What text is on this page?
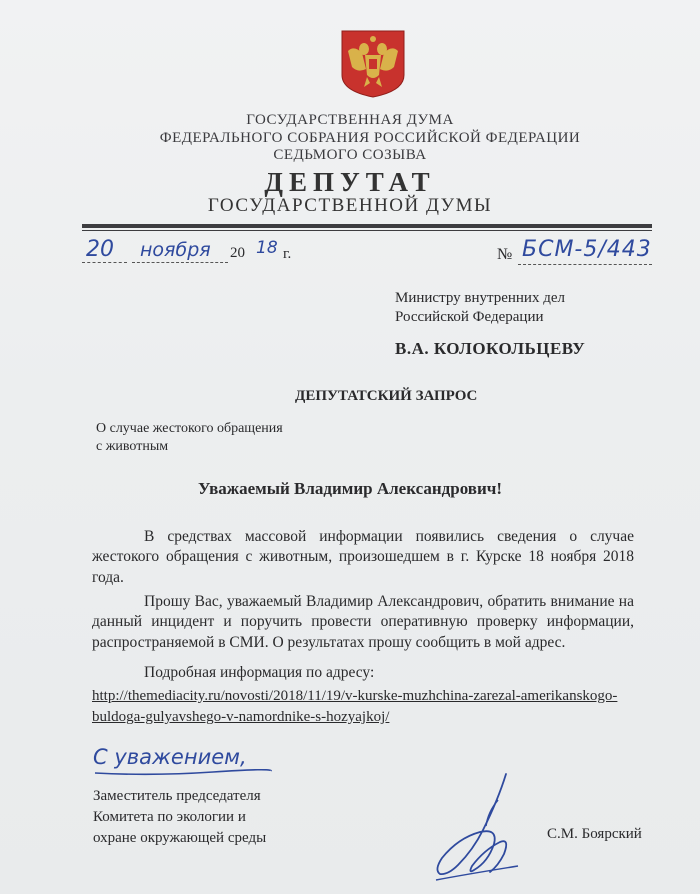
ГОСУДАРСТВЕННАЯ ДУМА
ФЕДЕРАЛЬНОГО СОБРАНИЯ РОССИЙСКОЙ ФЕДЕРАЦИИ
СЕДЬМОГО СОЗЫВА
ДЕПУТАТ
ГОСУДАРСТВЕННОЙ ДУМЫ
20 ноября 20 18 г.	№ БСМ-5/443
Министру внутренних дел
Российской Федерации
В.А. КОЛОКОЛЬЦЕВУ
ДЕПУТАТСКИЙ ЗАПРОС
О случае жестокого обращения
с животным
Уважаемый Владимир Александрович!

В средствах массовой информации появились сведения о случае жестокого обращения с животным, произошедшем в г. Курске 18 ноября 2018 года.

Прошу Вас, уважаемый Владимир Александрович, обратить внимание на данный инцидент и поручить провести оперативную проверку информации, распространяемой в СМИ. О результатах прошу сообщить в мой адрес.

Подробная информация по адресу:
http://themediacity.ru/novosti/2018/11/19/v-kurske-muzhchina-zarezal-amerikanskogo-buldoga-gulyavshego-v-namordnike-s-hozyajkoj/
С уважением,
Заместитель председателя
Комитета по экологии и
охране окружающей среды	С.М. Боярский
